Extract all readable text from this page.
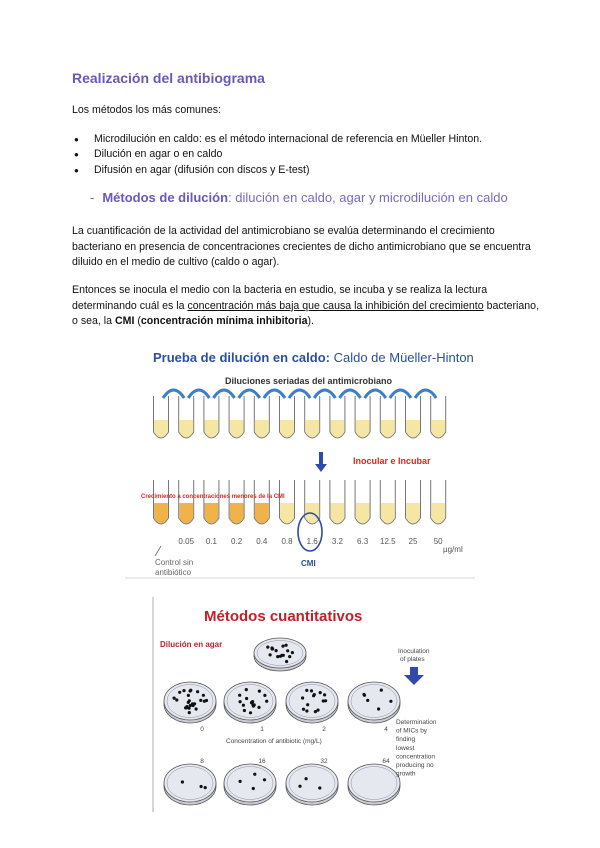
Realización del antibiograma
Los métodos los más comunes:
● Microdilución en caldo: es el método internacional de referencia en Müeller Hinton.
● Dilución en agar o en caldo
● Difusión en agar (difusión con discos y E-test)
- Métodos de dilución: dilución en caldo, agar y microdilución en caldo
La cuantificación de la actividad del antimicrobiano se evalúa determinando el crecimiento bacteriano en presencia de concentraciones crecientes de dicho antimicrobiano que se encuentra diluido en el medio de cultivo (caldo o agar).
Entonces se inocula el medio con la bacteria en estudio, se incuba y se realiza la lectura determinando cuál es la concentración más baja que causa la inhibición del crecimiento bacteriano, o sea, la CMI (concentración mínima inhibitoria).
Prueba de dilución en caldo: Caldo de Müeller-Hinton
Diluciones seriadas del antimicrobiano
Inocular e Incubar
Crecimiento a concentraciones menores de la CMI
0.05 0.1 0.2 0.4 0.8 1.6 3.2 6.3 12.5 25 50
µg/ml
CMI
Control sin
antibiótico
Métodos cuantitativos
Dilución en agar
Inoculation
of plates
0	1	2	4
8	16	32	64
Concentration of antibiotic (mg/L)
Determination of MICs by finding lowest concentration producing no growth
